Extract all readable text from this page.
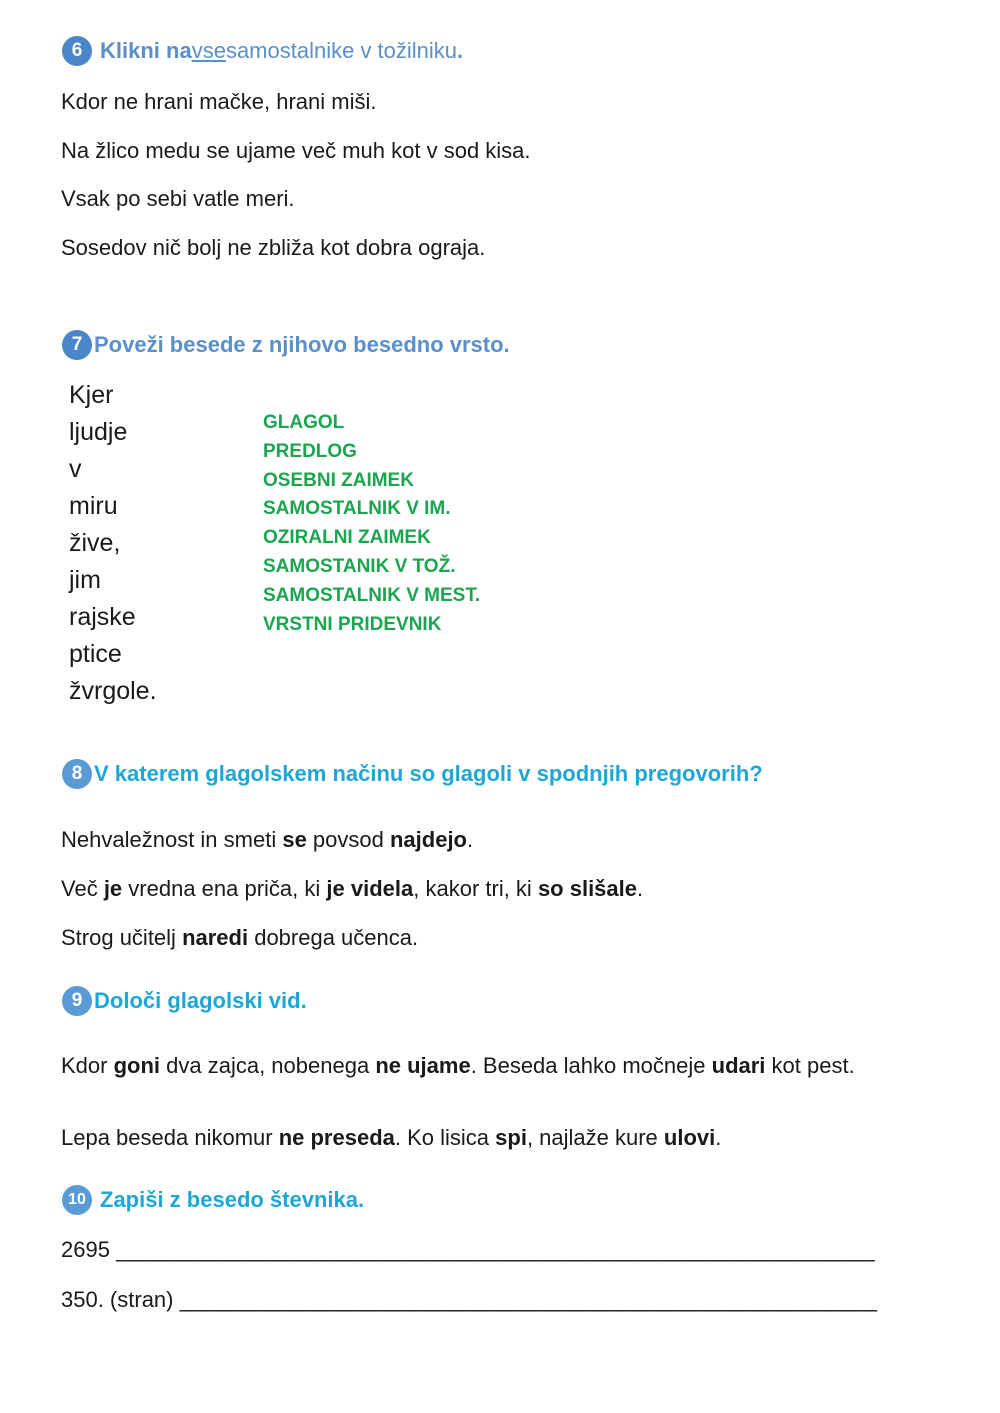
6 Klikni na vse samostalnike v tožilniku .
Kdor ne hrani mačke, hrani miši.
Na žlico medu se ujame več muh kot v sod kisa.
Vsak po sebi vatle meri.
Sosedov nič bolj ne zbliža kot dobra ograja.
7 Poveži besede z njihovo besedno vrsto.
Kjer
ljudje
v
miru
žive,
jim
rajske
ptice
žvrgole.
GLAGOL
PREDLOG
OSEBNI ZAIMEK
SAMOSTALNIK V IM.
OZIRALNI ZAIMEK
SAMOSTANIK V TOŽ.
SAMOSTALNIK V MEST.
VRSTNI PRIDEVNIK
8 V katerem glagolskem načinu so glagoli v spodnjih pregovorih?
Nehvaležnost in smeti se povsod najdejo.
Več je vredna ena priča, ki je videla, kakor tri, ki so slišale.
Strog učitelj naredi dobrega učenca.
9 Določi glagolski vid.
Kdor goni dva zajca, nobenega ne ujame. Beseda lahko močneje udari kot pest.
Lepa beseda nikomur ne preseda. Ko lisica spi, najlaže kure ulovi.
10 Zapiši z besedo števnika.
2695 ______________________________________________________________
350. (stran) _________________________________________________________
